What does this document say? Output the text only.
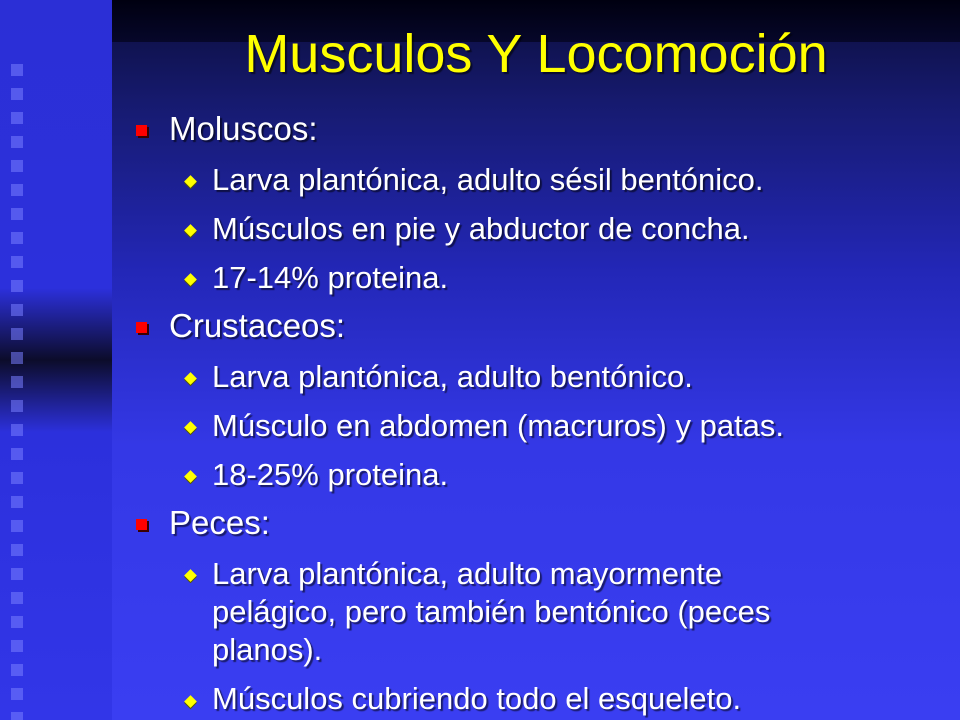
Musculos Y Locomoción
Moluscos:
Larva plantónica, adulto sésil bentónico.
Músculos en pie y abductor de concha.
17-14% proteina.
Crustaceos:
Larva plantónica, adulto bentónico.
Músculo en abdomen (macruros) y patas.
18-25% proteina.
Peces:
Larva plantónica, adulto mayormente
pelágico, pero también bentónico (peces
planos).
Músculos cubriendo todo el esqueleto.
